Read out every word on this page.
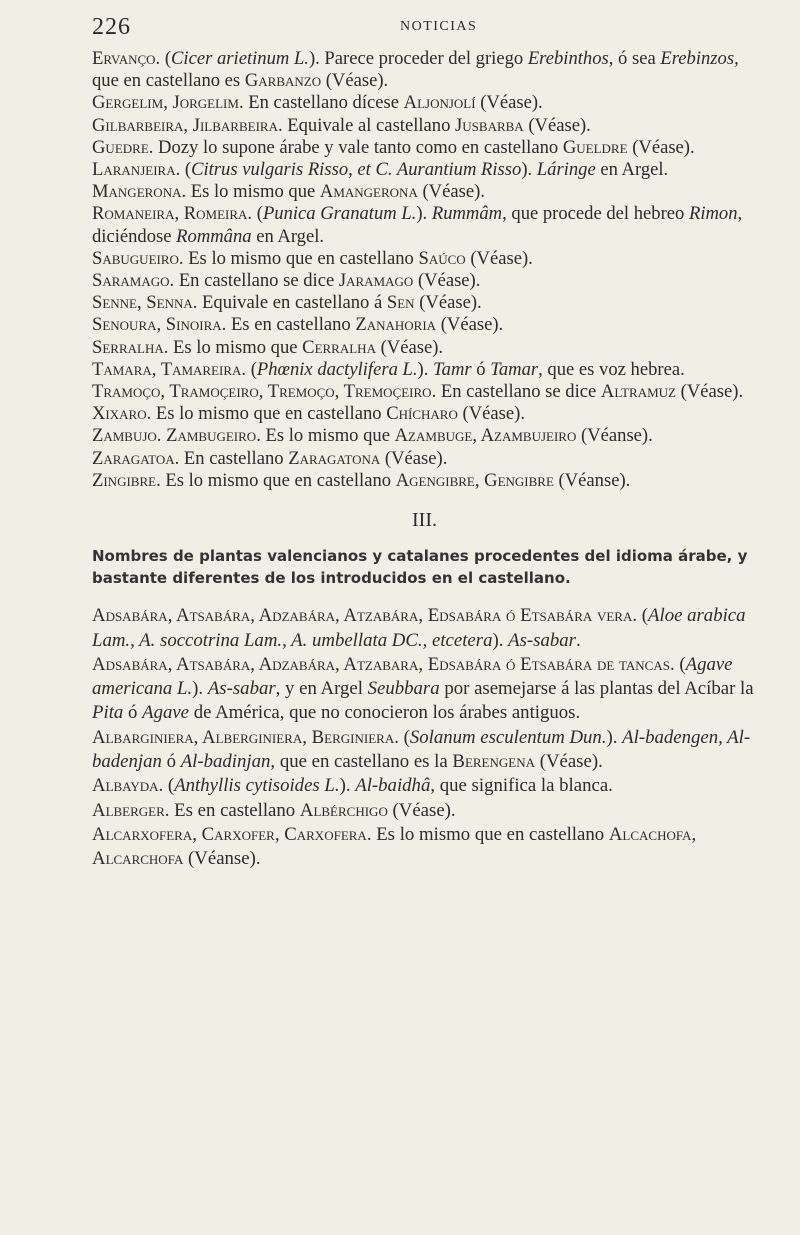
226	NOTICIAS

Ervanço. (Cicer arietinum L.). Parece proceder del griego Erebinthos, ó sea Erebinzos, que en castellano es Garbanzo (Véase).

Gergelim, Jorgelim. En castellano dícese Aljonjolí (Véase).

Gilbarbeira, Jilbarbeira. Equivale al castellano Jusbarba (Véase).

Guedre. Dozy lo supone árabe y vale tanto como en castellano Gueldre (Véase).

Laranjeira. (Citrus vulgaris Risso, et C. Aurantium Risso). Láringe en Argel.

Mangerona. Es lo mismo que Amangerona (Véase).

Romaneira, Romeira. (Punica Granatum L.). Rummâm, que procede del hebreo Rimon, diciéndose Rommâna en Argel.

Sabugueiro. Es lo mismo que en castellano Saúco (Véase).

Saramago. En castellano se dice Jaramago (Véase).

Senne, Senna. Equivale en castellano á Sen (Véase).

Senoura, Sinoira. Es en castellano Zanahoria (Véase).

Serralha. Es lo mismo que Cerralha (Véase).

Tamara, Tamareira. (Phœnix dactylifera L.). Tamr ó Tamar, que es voz hebrea.

Tramoço, Tramoçeiro, Tremoço, Tremoçeiro. En castellano se dice Altramuz (Véase).

Xixaro. Es lo mismo que en castellano Chícharo (Véase).

Zambujo. Zambugeiro. Es lo mismo que Azambuge, Azambujeiro (Véanse).

Zaragatoa. En castellano Zaragatona (Véase).

Zingibre. Es lo mismo que en castellano Agengibre, Gengibre (Véanse).

III.

Nombres de plantas valencianos y catalanes procedentes del idioma árabe, y bastante diferentes de los introducidos en el castellano.

Adsabára, Atsabára, Adzabára, Atzabára, Edsabára ó Etsabára vera. (Aloe arabica Lam., A. soccotrina Lam., A. umbellata DC., etcetera). As-sabar.

Adsabára, Atsabára, Adzabára, Atzabara, Edsabára ó Etsabára de tancas. (Agave americana L.). As-sabar, y en Argel Seubbara por asemejarse á las plantas del Acíbar la Pita ó Agave de América, que no conocieron los árabes antiguos.

Albarginiera, Alberginiera, Berginiera. (Solanum esculentum Dun.). Al-badengen, Al-badenjan ó Al-badinjan, que en castellano es la Berengena (Véase).

Albayda. (Anthyllis cytisoides L.). Al-baidhâ, que significa la blanca.

Alberger. Es en castellano Albérchigo (Véase).

Alcarxofera, Carxofer, Carxofera. Es lo mismo que en castellano Alcachofa, Alcarchofa (Véanse).
